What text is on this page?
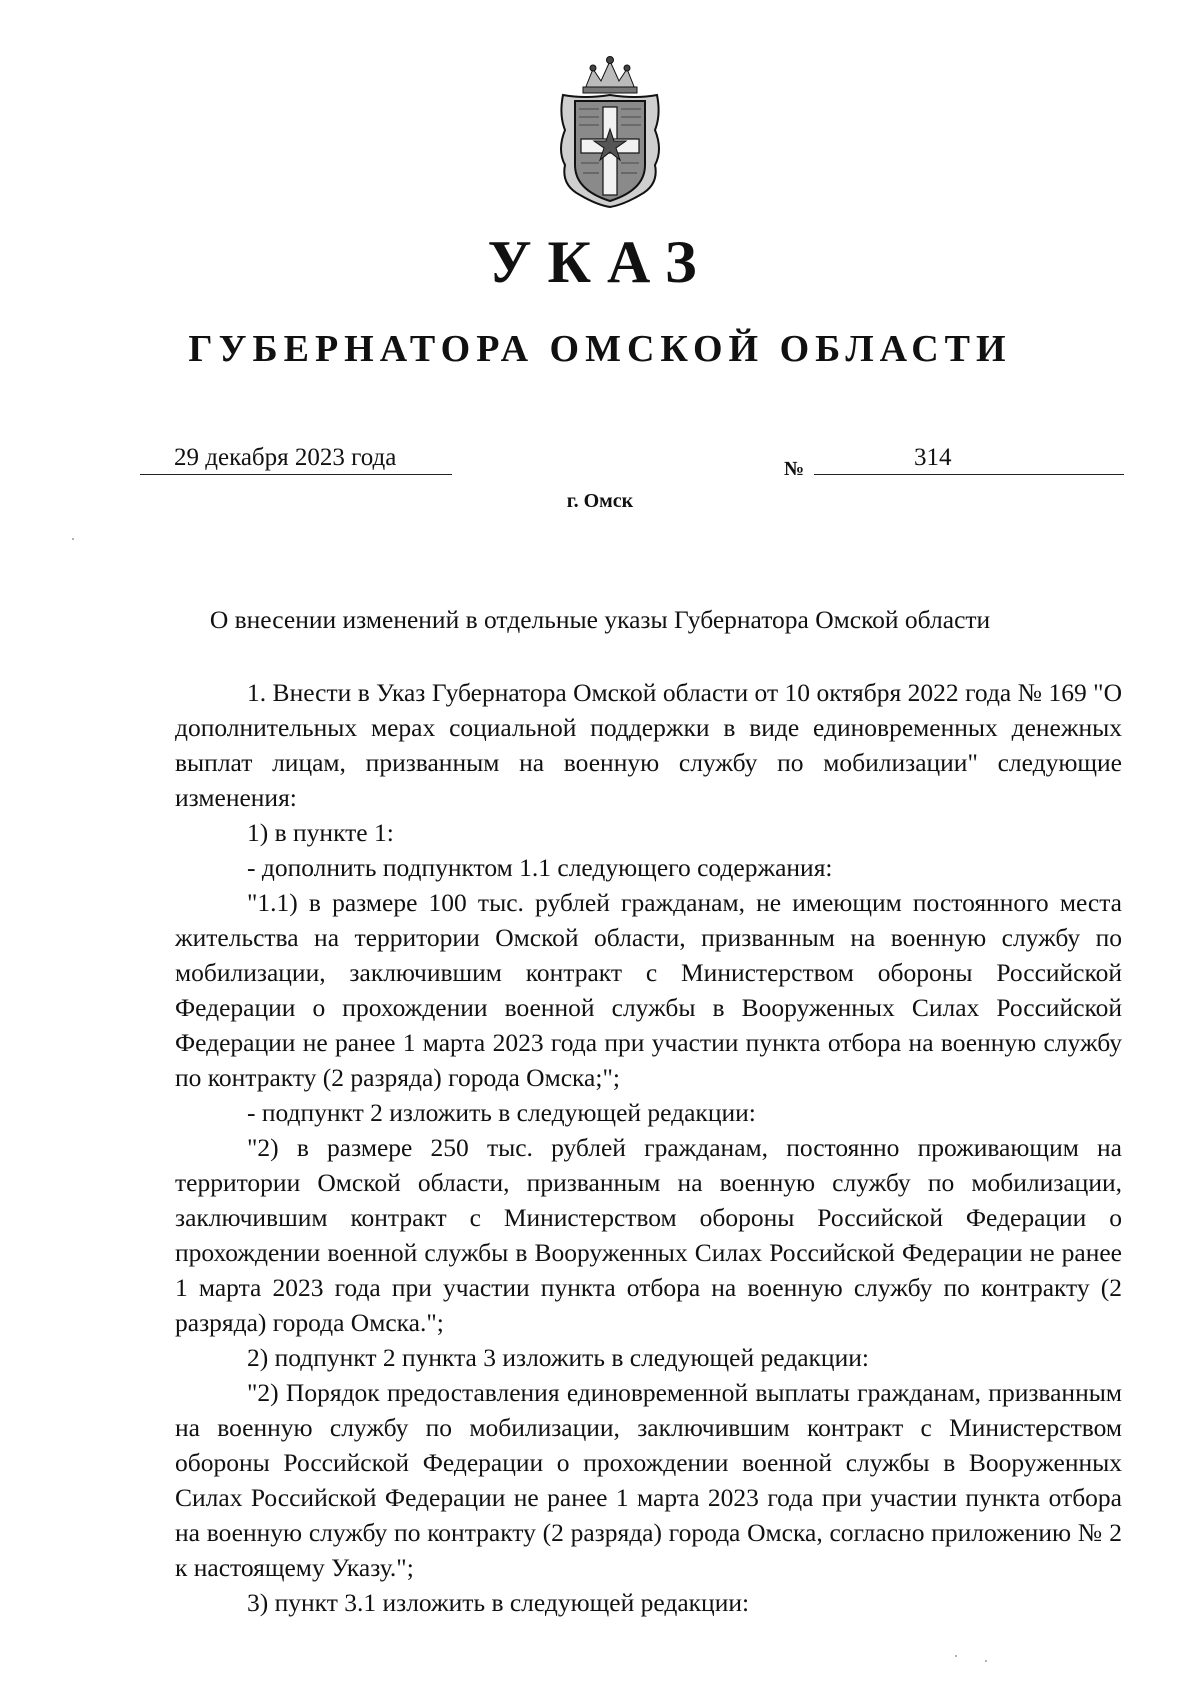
УКАЗ
ГУБЕРНАТОРА ОМСКОЙ ОБЛАСТИ
29 декабря 2023 года	№	314
г. Омск
О внесении изменений в отдельные указы Губернатора Омской области

1. Внести в Указ Губернатора Омской области от 10 октября 2022 года № 169 "О дополнительных мерах социальной поддержки в виде единовременных денежных выплат лицам, призванным на военную службу по мобилизации" следующие изменения:

1) в пункте 1:

- дополнить подпунктом 1.1 следующего содержания:

"1.1) в размере 100 тыс. рублей гражданам, не имеющим постоянного места жительства на территории Омской области, призванным на военную службу по мобилизации, заключившим контракт с Министерством обороны Российской Федерации о прохождении военной службы в Вооруженных Силах Российской Федерации не ранее 1 марта 2023 года при участии пункта отбора на военную службу по контракту (2 разряда) города Омска;";

- подпункт 2 изложить в следующей редакции:

"2) в размере 250 тыс. рублей гражданам, постоянно проживающим на территории Омской области, призванным на военную службу по мобилизации, заключившим контракт с Министерством обороны Российской Федерации о прохождении военной службы в Вооруженных Силах Российской Федерации не ранее 1 марта 2023 года при участии пункта отбора на военную службу по контракту (2 разряда) города Омска.";

2) подпункт 2 пункта 3 изложить в следующей редакции:

"2) Порядок предоставления единовременной выплаты гражданам, призванным на военную службу по мобилизации, заключившим контракт с Министерством обороны Российской Федерации о прохождении военной службы в Вооруженных Силах Российской Федерации не ранее 1 марта 2023 года при участии пункта отбора на военную службу по контракту (2 разряда) города Омска, согласно приложению № 2 к настоящему Указу.";

3) пункт 3.1 изложить в следующей редакции:
